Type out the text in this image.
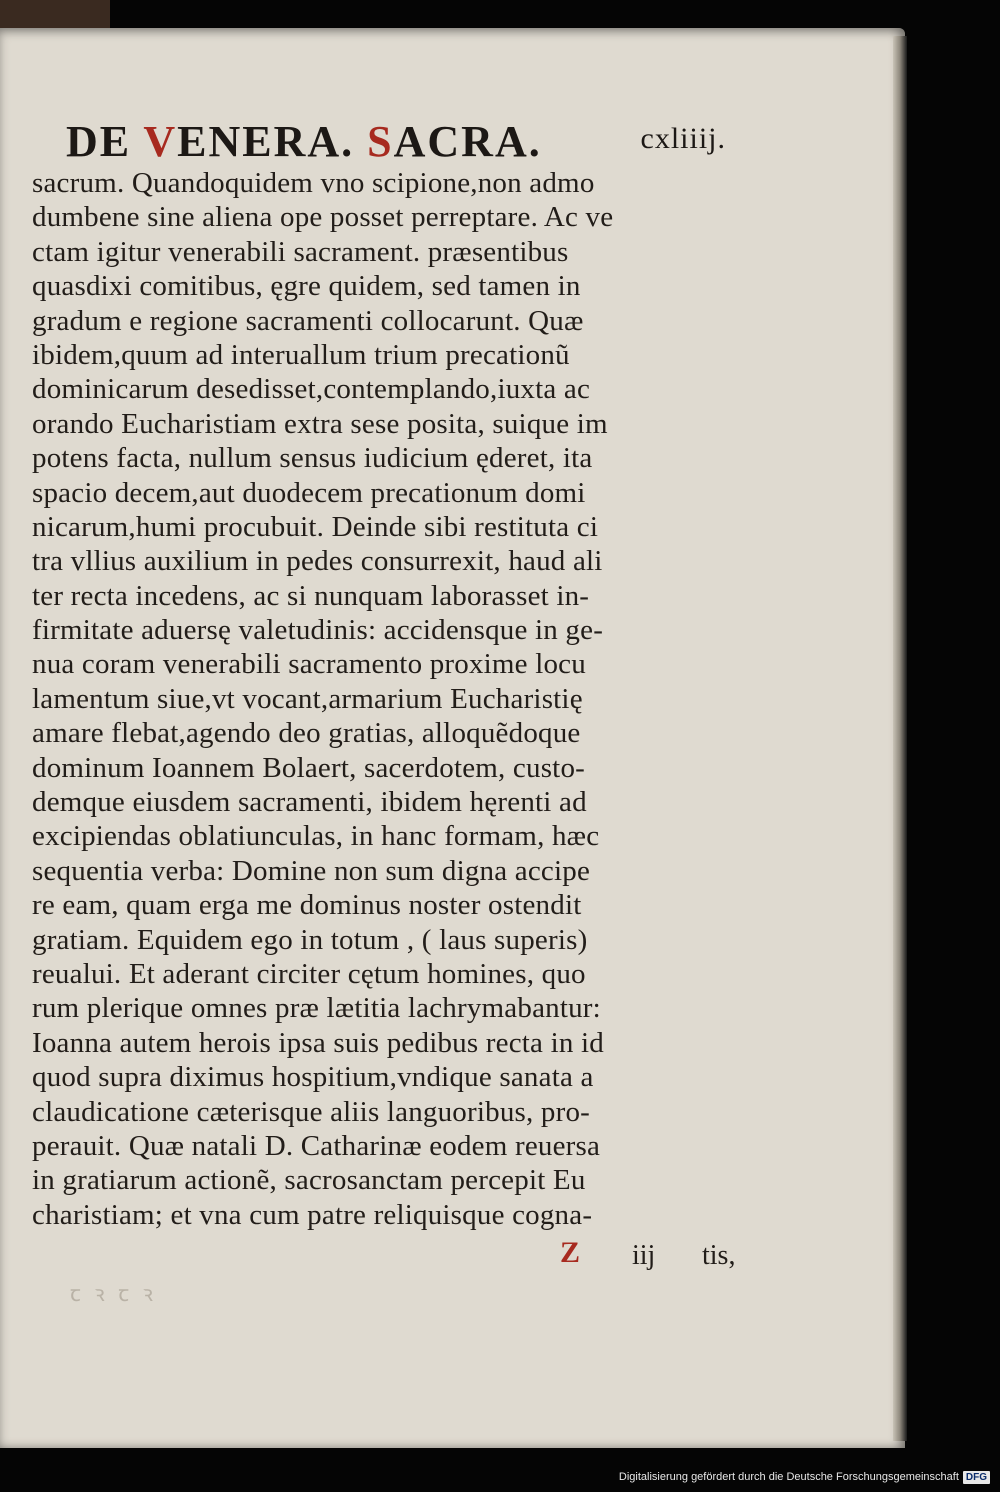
DE VENERA. SACRA.	cxliiij.
sacrum. Quandoquidem vno scipione,non admo
dumbene sine aliena ope posset perreptare. Ac ve
ctam igitur venerabili sacrament. præsentibus
quasdixi comitibus, ęgre quidem, sed tamen in
gradum e regione sacramenti collocarunt. Quæ
ibidem,quum ad interuallum trium precationũ
dominicarum desedisset,contemplando,iuxta ac
orando Eucharistiam extra sese posita, suique im
potens facta, nullum sensus iudicium ęderet, ita
spacio decem,aut duodecem precationum domi
nicarum,humi procubuit. Deinde sibi restituta ci
tra vllius auxilium in pedes consurrexit, haud ali
ter recta incedens, ac si nunquam laborasset in-
firmitate aduersę valetudinis: accidensque in ge-
nua coram venerabili sacramento proxime locu
lamentum siue,vt vocant,armarium Eucharistię
amare flebat,agendo deo gratias, alloquẽdoque
dominum Ioannem Bolaert, sacerdotem, custo-
demque eiusdem sacramenti, ibidem hęrenti ad
excipiendas oblatiunculas, in hanc formam, hæc
sequentia verba: Domine non sum digna accipe
re eam, quam erga me dominus noster ostendit
gratiam. Equidem ego in totum , ( laus superis)
reualui. Et aderant circiter cętum homines, quo
rum plerique omnes præ lætitia lachrymabantur:
Ioanna autem herois ipsa suis pedibus recta in id
quod supra diximus hospitium,vndique sanata a
claudicatione cæterisque aliis languoribus, pro-
perauit. Quæ natali D. Catharinæ eodem reuersa
in gratiarum actionẽ, sacrosanctam percepit Eu
charistiam; et vna cum patre reliquisque cogna-
Z iij tis,
ꞇ ꝛ ꞇ ꝛ
Digitalisierung gefördert durch die Deutsche Forschungsgemeinschaft DFG
